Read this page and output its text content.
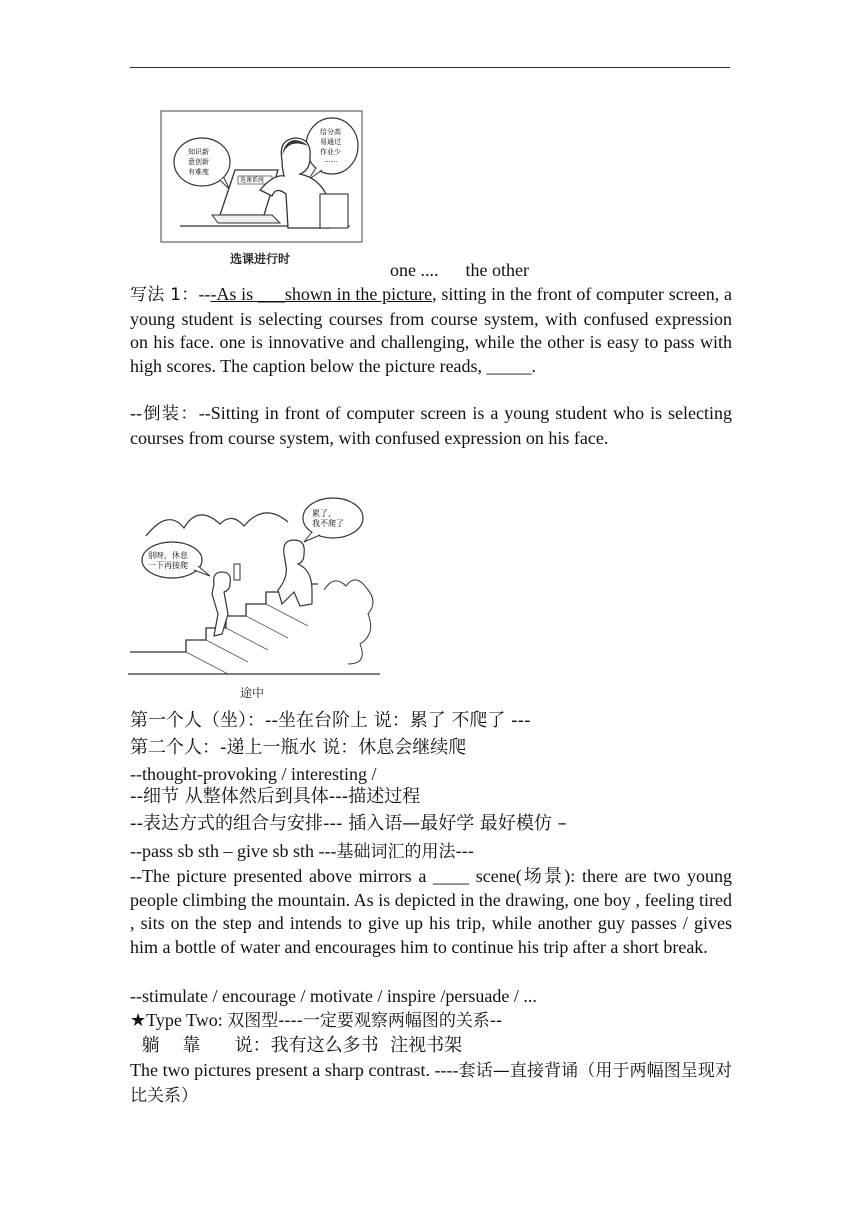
知识新
意创新
有难度
给分高
易通过
作业少
……
选课系统
选课进行时
one .... the other

写法 1：---As is ___shown in the picture, sitting in the front of computer screen, a young student is selecting courses from course system, with confused expression on his face. one is innovative and challenging, while the other is easy to pass with high scores. The caption below the picture reads, _____.

--倒装：--Sitting in front of computer screen is a young student who is selecting courses from course system, with confused expression on his face.

累了，
我不爬了
别呀，休息
一下再接爬
途中
第一个人（坐）：--坐在台阶上 说：累了 不爬了 ---
第二个人：-递上一瓶水 说：休息会继续爬
--thought-provoking / interesting /
--细节 从整体然后到具体---描述过程
--表达方式的组合与安排--- 插入语—最好学 最好模仿 –
--pass sb sth – give sb sth ---基础词汇的用法---

--The picture presented above mirrors a ____ scene(场景): there are two young people climbing the mountain. As is depicted in the drawing, one boy , feeling tired , sits on the step and intends to give up his trip, while another guy passes / gives him a bottle of water and encourages him to continue his trip after a short break.

--stimulate / encourage / motivate / inspire /persuade / ...
★Type Two: 双图型----一定要观察两幅图的关系--
躺    靠      说：我有这么多书  注视书架

The two pictures present a sharp contrast. ----套话—直接背诵（用于两幅图呈现对比关系）
